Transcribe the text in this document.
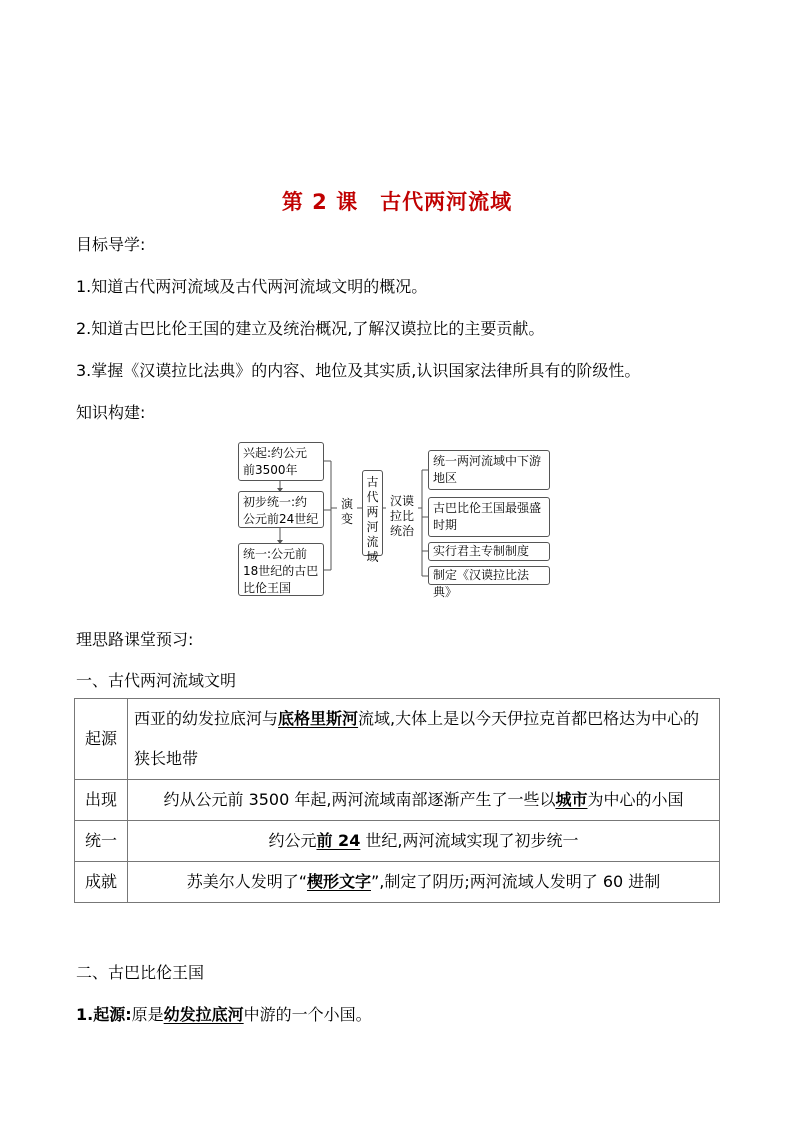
第 2 课 古代两河流域
目标导学:
1.知道古代两河流域及古代两河流域文明的概况。
2.知道古巴比伦王国的建立及统治概况,了解汉谟拉比的主要贡献。
3.掌握《汉谟拉比法典》的内容、地位及其实质,认识国家法律所具有的阶级性。
知识构建:
兴起:约公元前3500年
初步统一:约公元前24世纪
统一:公元前18世纪的古巴比伦王国
演变
古代两河流域
汉谟拉比统治
统一两河流域中下游地区
古巴比伦王国最强盛时期
实行君主专制制度
制定《汉谟拉比法典》
理思路课堂预习:
一、古代两河流域文明
起源	西亚的幼发拉底河与底格里斯河流域,大体上是以今天伊拉克首都巴格达为中心的狭长地带
出现	约从公元前 3500 年起,两河流域南部逐渐产生了一些以城市为中心的小国
统一	约公元前 24 世纪,两河流域实现了初步统一
成就	苏美尔人发明了“楔形文字”,制定了阴历;两河流域人发明了 60 进制
二、古巴比伦王国
1.起源:原是幼发拉底河中游的一个小国。
